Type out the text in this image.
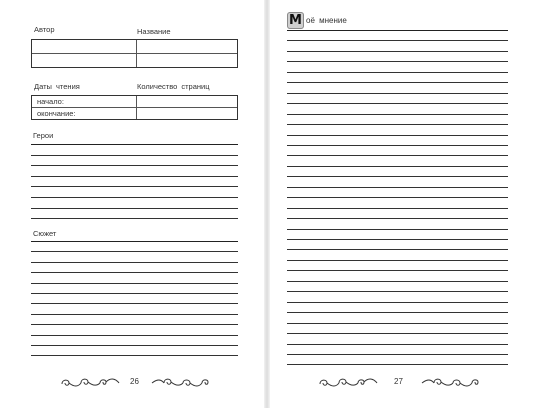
Автор	Название
Даты чтения	Количество страниц
начало:
окончание:
Герои
Сюжет
26
М оё мнение
27
